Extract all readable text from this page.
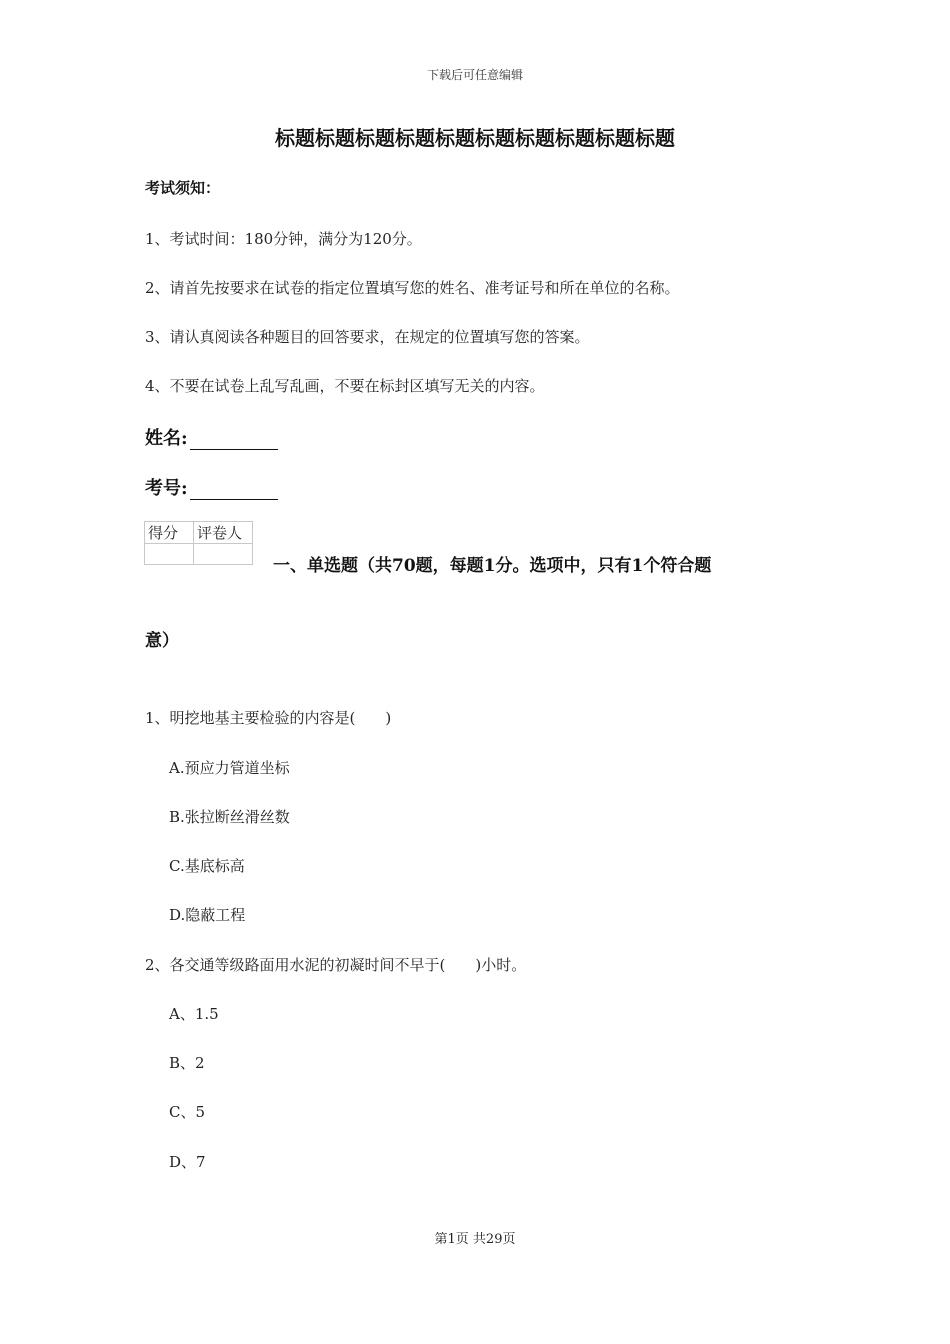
下载后可任意编辑
标题标题标题标题标题标题标题标题标题标题
考试须知：
1、考试时间：180分钟，满分为120分。
2、请首先按要求在试卷的指定位置填写您的姓名、准考证号和所在单位的名称。
3、请认真阅读各种题目的回答要求，在规定的位置填写您的答案。
4、不要在试卷上乱写乱画，不要在标封区填写无关的内容。
姓名:
考号:
得分	评卷人

一、单选题（共70题，每题1分。选项中，只有1个符合题
意）
1、明挖地基主要检验的内容是(　　)
A.预应力管道坐标
B.张拉断丝滑丝数
C.基底标高
D.隐蔽工程
2、各交通等级路面用水泥的初凝时间不早于(　　)小时。
A、1.5
B、2
C、5
D、7
第1页 共29页
